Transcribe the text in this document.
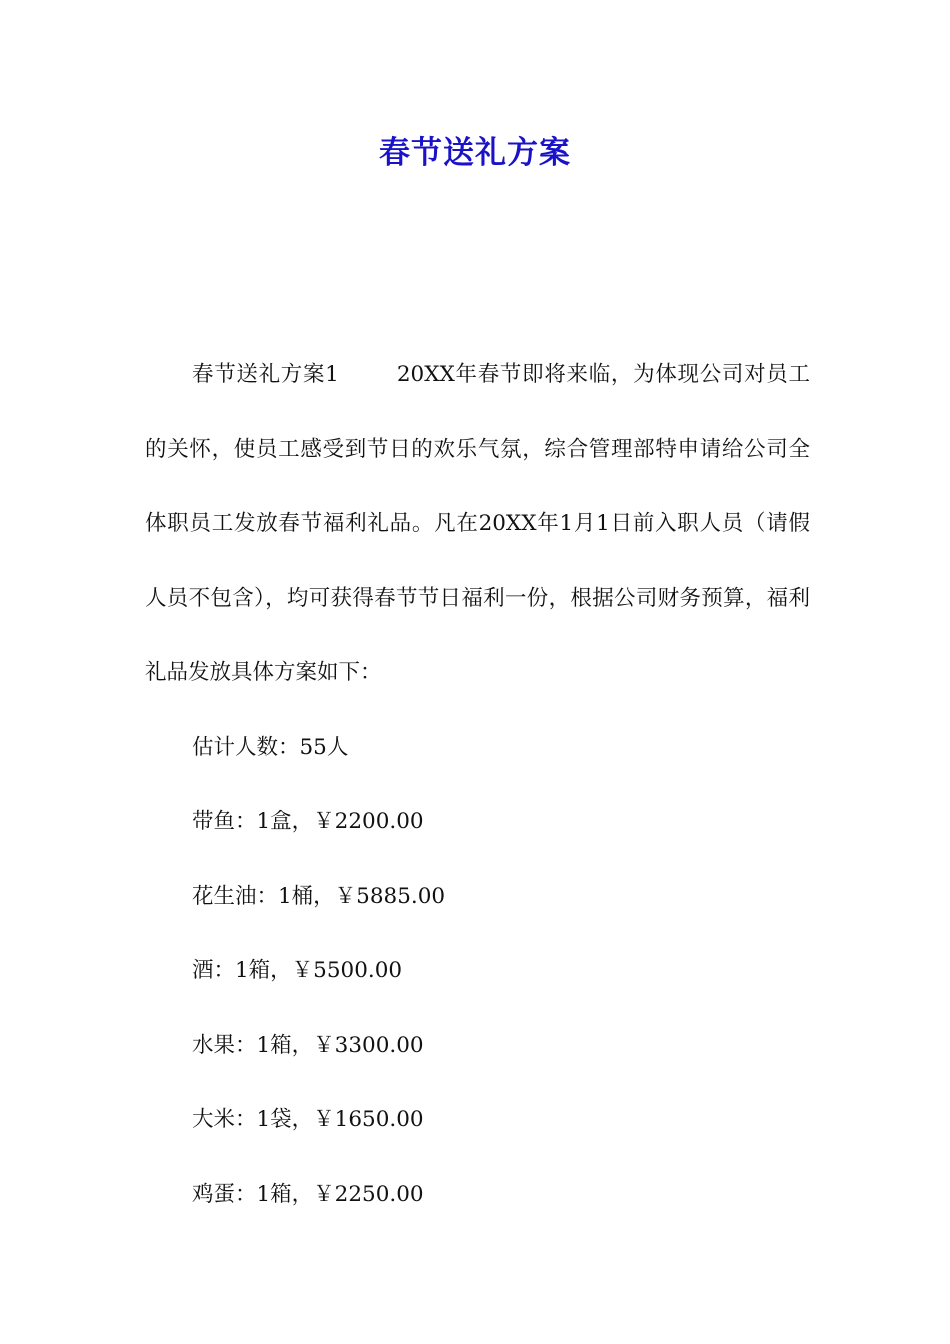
春节送礼方案

春节送礼方案1	20XX年春节即将来临，为体现公司对员工的关怀，使员工感受到节日的欢乐气氛，综合管理部特申请给公司全体职员工发放春节福利礼品。凡在20XX年1月1日前入职人员（请假人员不包含），均可获得春节节日福利一份，根据公司财务预算，福利礼品发放具体方案如下：

估计人数：55人
带鱼：1盒，￥2200.00
花生油：1桶，￥5885.00
酒：1箱，￥5500.00
水果：1箱，￥3300.00
大米：1袋，￥1650.00
鸡蛋：1箱，￥2250.00
